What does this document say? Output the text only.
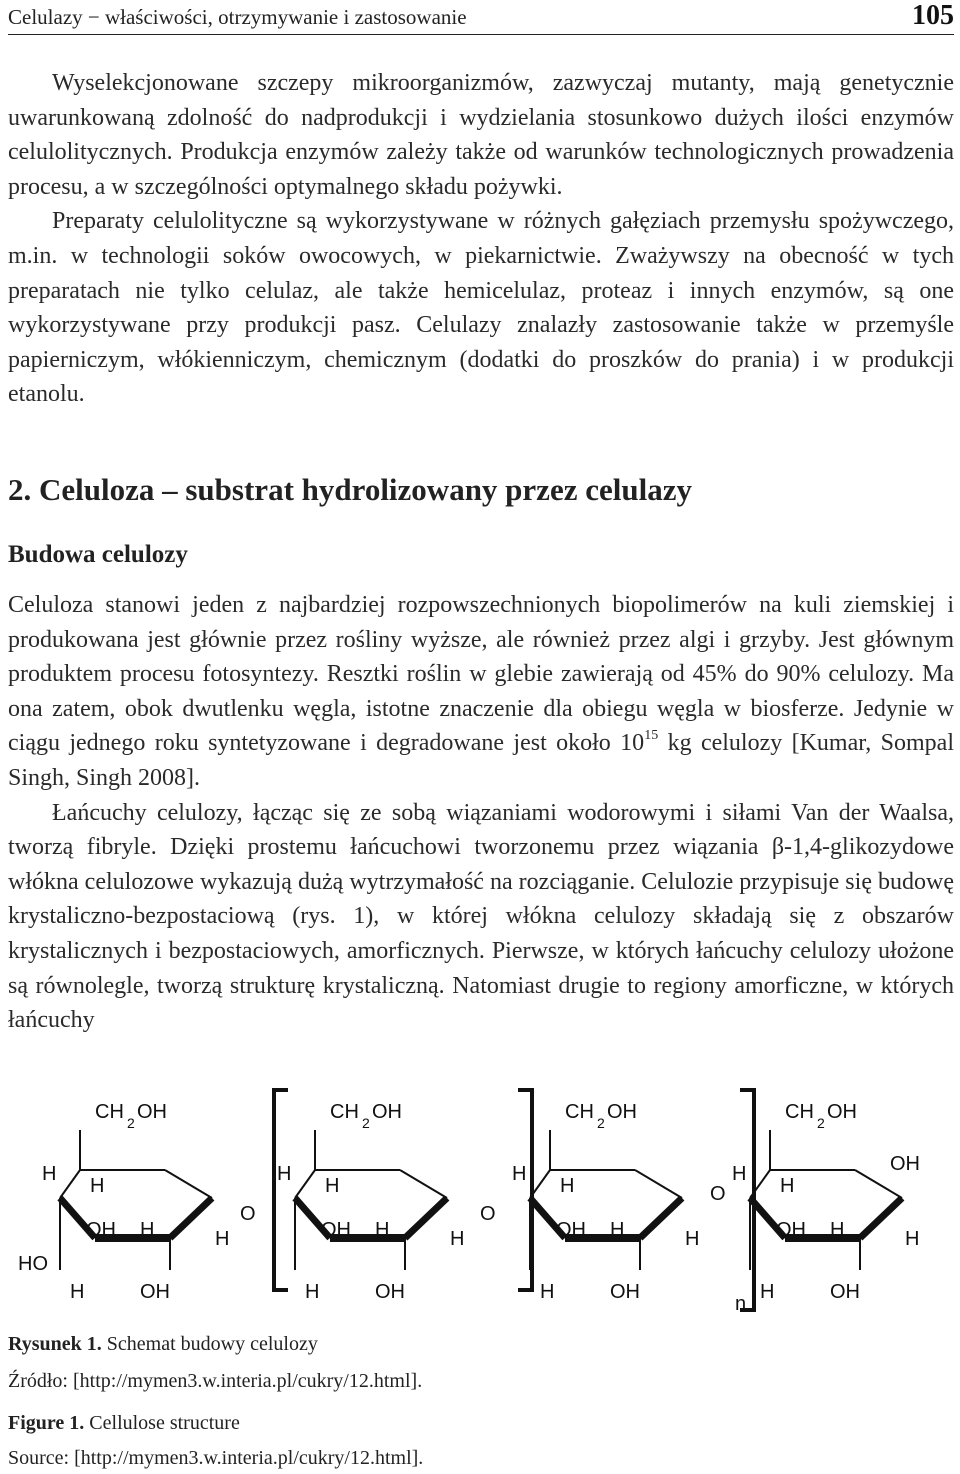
Celulazy − właściwości, otrzymywanie i zastosowanie	105

Wyselekcjonowane szczepy mikroorganizmów, zazwyczaj mutanty, mają genetycznie uwarunkowaną zdolność do nadprodukcji i wydzielania stosunkowo dużych ilości enzymów celulolitycznych. Produkcja enzymów zależy także od warunków technologicznych prowadzenia procesu, a w szczególności optymalnego składu pożywki.

Preparaty celulolityczne są wykorzystywane w różnych gałęziach przemysłu spożywczego, m.in. w technologii soków owocowych, w piekarnictwie. Zważywszy na obecność w tych preparatach nie tylko celulaz, ale także hemicelulaz, proteaz i innych enzymów, są one wykorzystywane przy produkcji pasz. Celulazy znalazły zastosowanie także w przemyśle papierniczym, włókienniczym, chemicznym (dodatki do proszków do prania) i w produkcji etanolu.

2. Celuloza – substrat hydrolizowany przez celulazy
Budowa celulozy

Celuloza stanowi jeden z najbardziej rozpowszechnionych biopolimerów na kuli ziemskiej i produkowana jest głównie przez rośliny wyższe, ale również przez algi i grzyby. Jest głównym produktem procesu fotosyntezy. Resztki roślin w glebie zawierają od 45% do 90% celulozy. Ma ona zatem, obok dwutlenku węgla, istotne znaczenie dla obiegu węgla w biosferze. Jedynie w ciągu jednego roku syntetyzowane i degradowane jest około $10^{15}$ kg celulozy [Kumar, Sompal Singh, Singh 2008].

Łańcuchy celulozy, łącząc się ze sobą wiązaniami wodorowymi i siłami Van der Waalsa, tworzą fibryle. Dzięki prostemu łańcuchowi tworzonemu przez wiązania β-1,4-glikozydowe włókna celulozowe wykazują dużą wytrzymałość na rozciąganie. Celulozie przypisuje się budowę krystaliczno-bezpostaciową (rys. 1), w której włókna celulozy składają się z obszarów krystalicznych i bezpostaciowych, amorficznych. Pierwsze, w których łańcuchy celulozy ułożone są równolegle, tworzą strukturę krystaliczną. Natomiast drugie to regiony amorficzne, w których łańcuchy

CH 2 OH
H
H
OH H	H
H	OH
CH 2 OH
H
H
OH H	H
H	OH
CH 2 OH
H
H
OH H	H
H	OH
CH 2 OH
H
H
OH H	H
H	OH
HO
OH
n
O	O
O
Rysunek 1. Schemat budowy celulozy
Źródło: [http://mymen3.w.interia.pl/cukry/12.html].
Figure 1. Cellulose structure
Source: [http://mymen3.w.interia.pl/cukry/12.html].
